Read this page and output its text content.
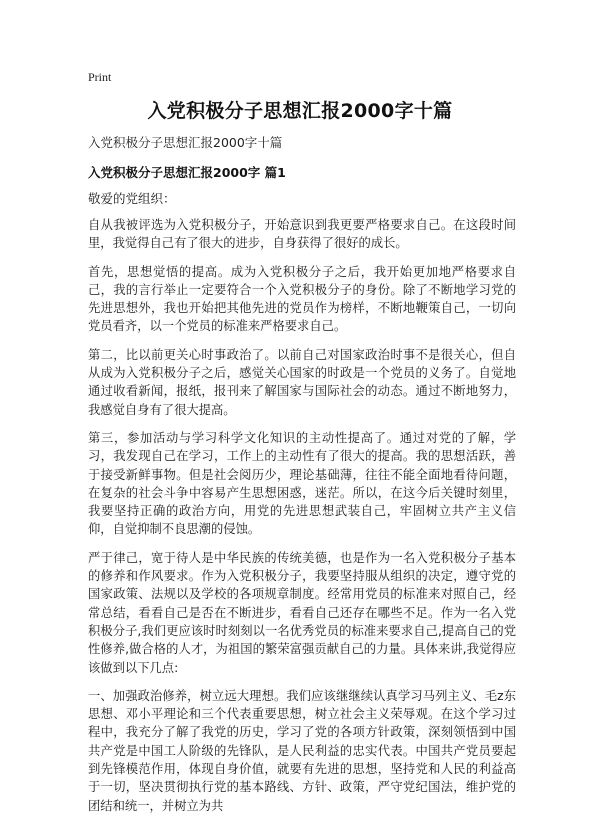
Print
入党积极分子思想汇报2000字十篇
入党积极分子思想汇报2000字十篇
入党积极分子思想汇报2000字 篇1

敬爱的党组织：

自从我被评选为入党积极分子，开始意识到我更要严格要求自己。在这段时间里，我觉得自己有了很大的进步，自身获得了很好的成长。

首先，思想觉悟的提高。成为入党积极分子之后，我开始更加地严格要求自己，我的言行举止一定要符合一个入党积极分子的身份。除了不断地学习党的先进思想外，我也开始把其他先进的党员作为榜样，不断地鞭策自己，一切向党员看齐，以一个党员的标准来严格要求自己。

第二，比以前更关心时事政治了。以前自己对国家政治时事不是很关心，但自从成为入党积极分子之后，感觉关心国家的时政是一个党员的义务了。自觉地通过收看新闻，报纸，报刊来了解国家与国际社会的动态。通过不断地努力，我感觉自身有了很大提高。

第三，参加活动与学习科学文化知识的主动性提高了。通过对党的了解，学习，我发现自己在学习，工作上的主动性有了很大的提高。我的思想活跃，善于接受新鲜事物。但是社会阅历少，理论基础薄，往往不能全面地看待问题，在复杂的社会斗争中容易产生思想困惑，迷茫。所以，在这今后关键时刻里，我要坚持正确的政治方向，用党的先进思想武装自己，牢固树立共产主义信仰，自觉抑制不良思潮的侵蚀。

严于律己，宽于待人是中华民族的传统美德，也是作为一名入党积极分子基本的修养和作风要求。作为入党积极分子，我要坚持服从组织的决定，遵守党的国家政策、法规以及学校的各项规章制度。经常用党员的标准来对照自己，经常总结，看看自己是否在不断进步，看看自己还存在哪些不足。作为一名入党积极分子,我们更应该时时刻刻以一名优秀党员的标准来要求自己,提高自己的党性修养,做合格的人才，为祖国的繁荣富强贡献自己的力量。具体来讲,我觉得应该做到以下几点:

一、加强政治修养，树立远大理想。我们应该继继续认真学习马列主义、毛z东思想、邓小平理论和三个代表重要思想，树立社会主义荣辱观。在这个学习过程中，我充分了解了我党的历史，学习了党的各项方针政策，深刻领悟到中国共产党是中国工人阶级的先锋队，是人民利益的忠实代表。中国共产党员要起到先锋模范作用，体现自身价值，就要有先进的思想，坚持党和人民的利益高于一切，坚决贯彻执行党的基本路线、方针、政策，严守党纪国法，维护党的团结和统一，并树立为共
